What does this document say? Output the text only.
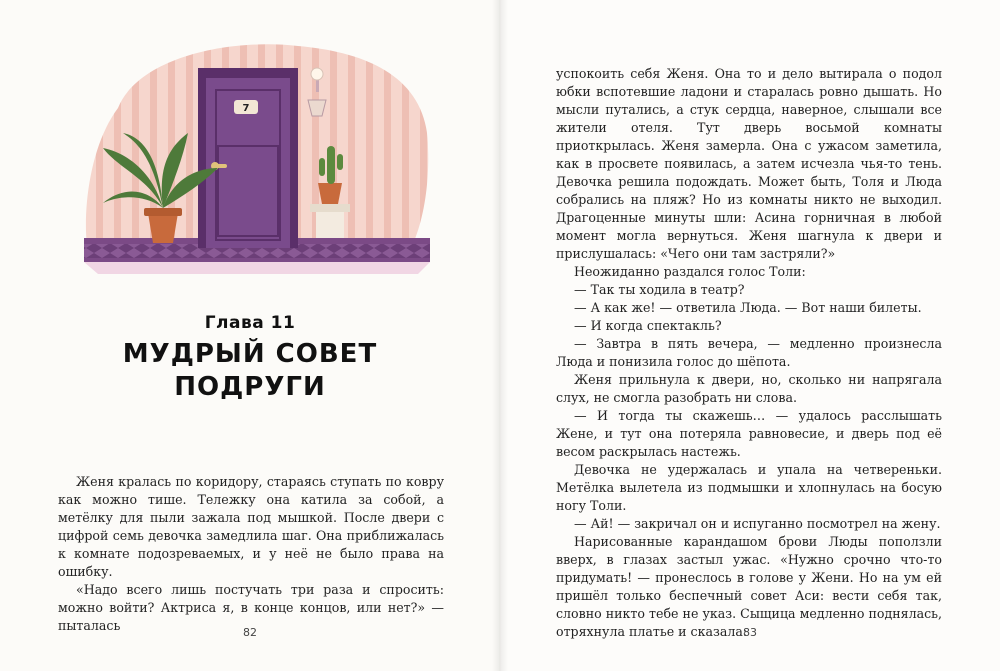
7
Глава 11
МУДРЫЙ СОВЕТ
ПОДРУГИ

Женя кралась по коридору, стараясь ступать по ковру как можно тише. Тележку она катила за собой, а метёлку для пыли зажала под мышкой. После двери с цифрой семь девочка замедлила шаг. Она приближалась к комнате подозреваемых, и у неё не было права на ошибку.

«Надо всего лишь постучать три раза и спросить: можно войти? Актриса я, в конце концов, или нет?» — пыталась	82

успокоить себя Женя. Она то и дело вытирала о подол юбки вспотевшие ладони и старалась ровно дышать. Но мысли путались, а стук сердца, наверное, слышали все жители отеля. Тут дверь восьмой комнаты приоткрылась. Женя замерла. Она с ужасом заметила, как в просвете появилась, а затем исчезла чья-то тень. Девочка решила подождать. Может быть, Толя и Люда собрались на пляж? Но из комнаты никто не выходил. Драгоценные минуты шли: Асина горничная в любой момент могла вернуться. Женя шагнула к двери и прислушалась: «Чего они там застряли?»

Неожиданно раздался голос Толи:

— Так ты ходила в театр?

— А как же! — ответила Люда. — Вот наши билеты.

— И когда спектакль?

— Завтра в пять вечера, — медленно произнесла Люда и понизила голос до шёпота.

Женя прильнула к двери, но, сколько ни напрягала слух, не смогла разобрать ни слова.

— И тогда ты скажешь… — удалось расслышать Жене, и тут она потеряла равновесие, и дверь под её весом раскрылась настежь.

Девочка не удержалась и упала на четвереньки. Метёлка вылетела из подмышки и хлопнулась на босую ногу Толи.

— Ай! — закричал он и испуганно посмотрел на жену.

Нарисованные карандашом брови Люды поползли вверх, в глазах застыл ужас. «Нужно срочно что-то придумать! — пронеслось в голове у Жени. Но на ум ей пришёл только беспечный совет Аси: вести себя так, словно никто тебе не указ. Сыщица медленно поднялась, отряхнула платье и сказала:

83
